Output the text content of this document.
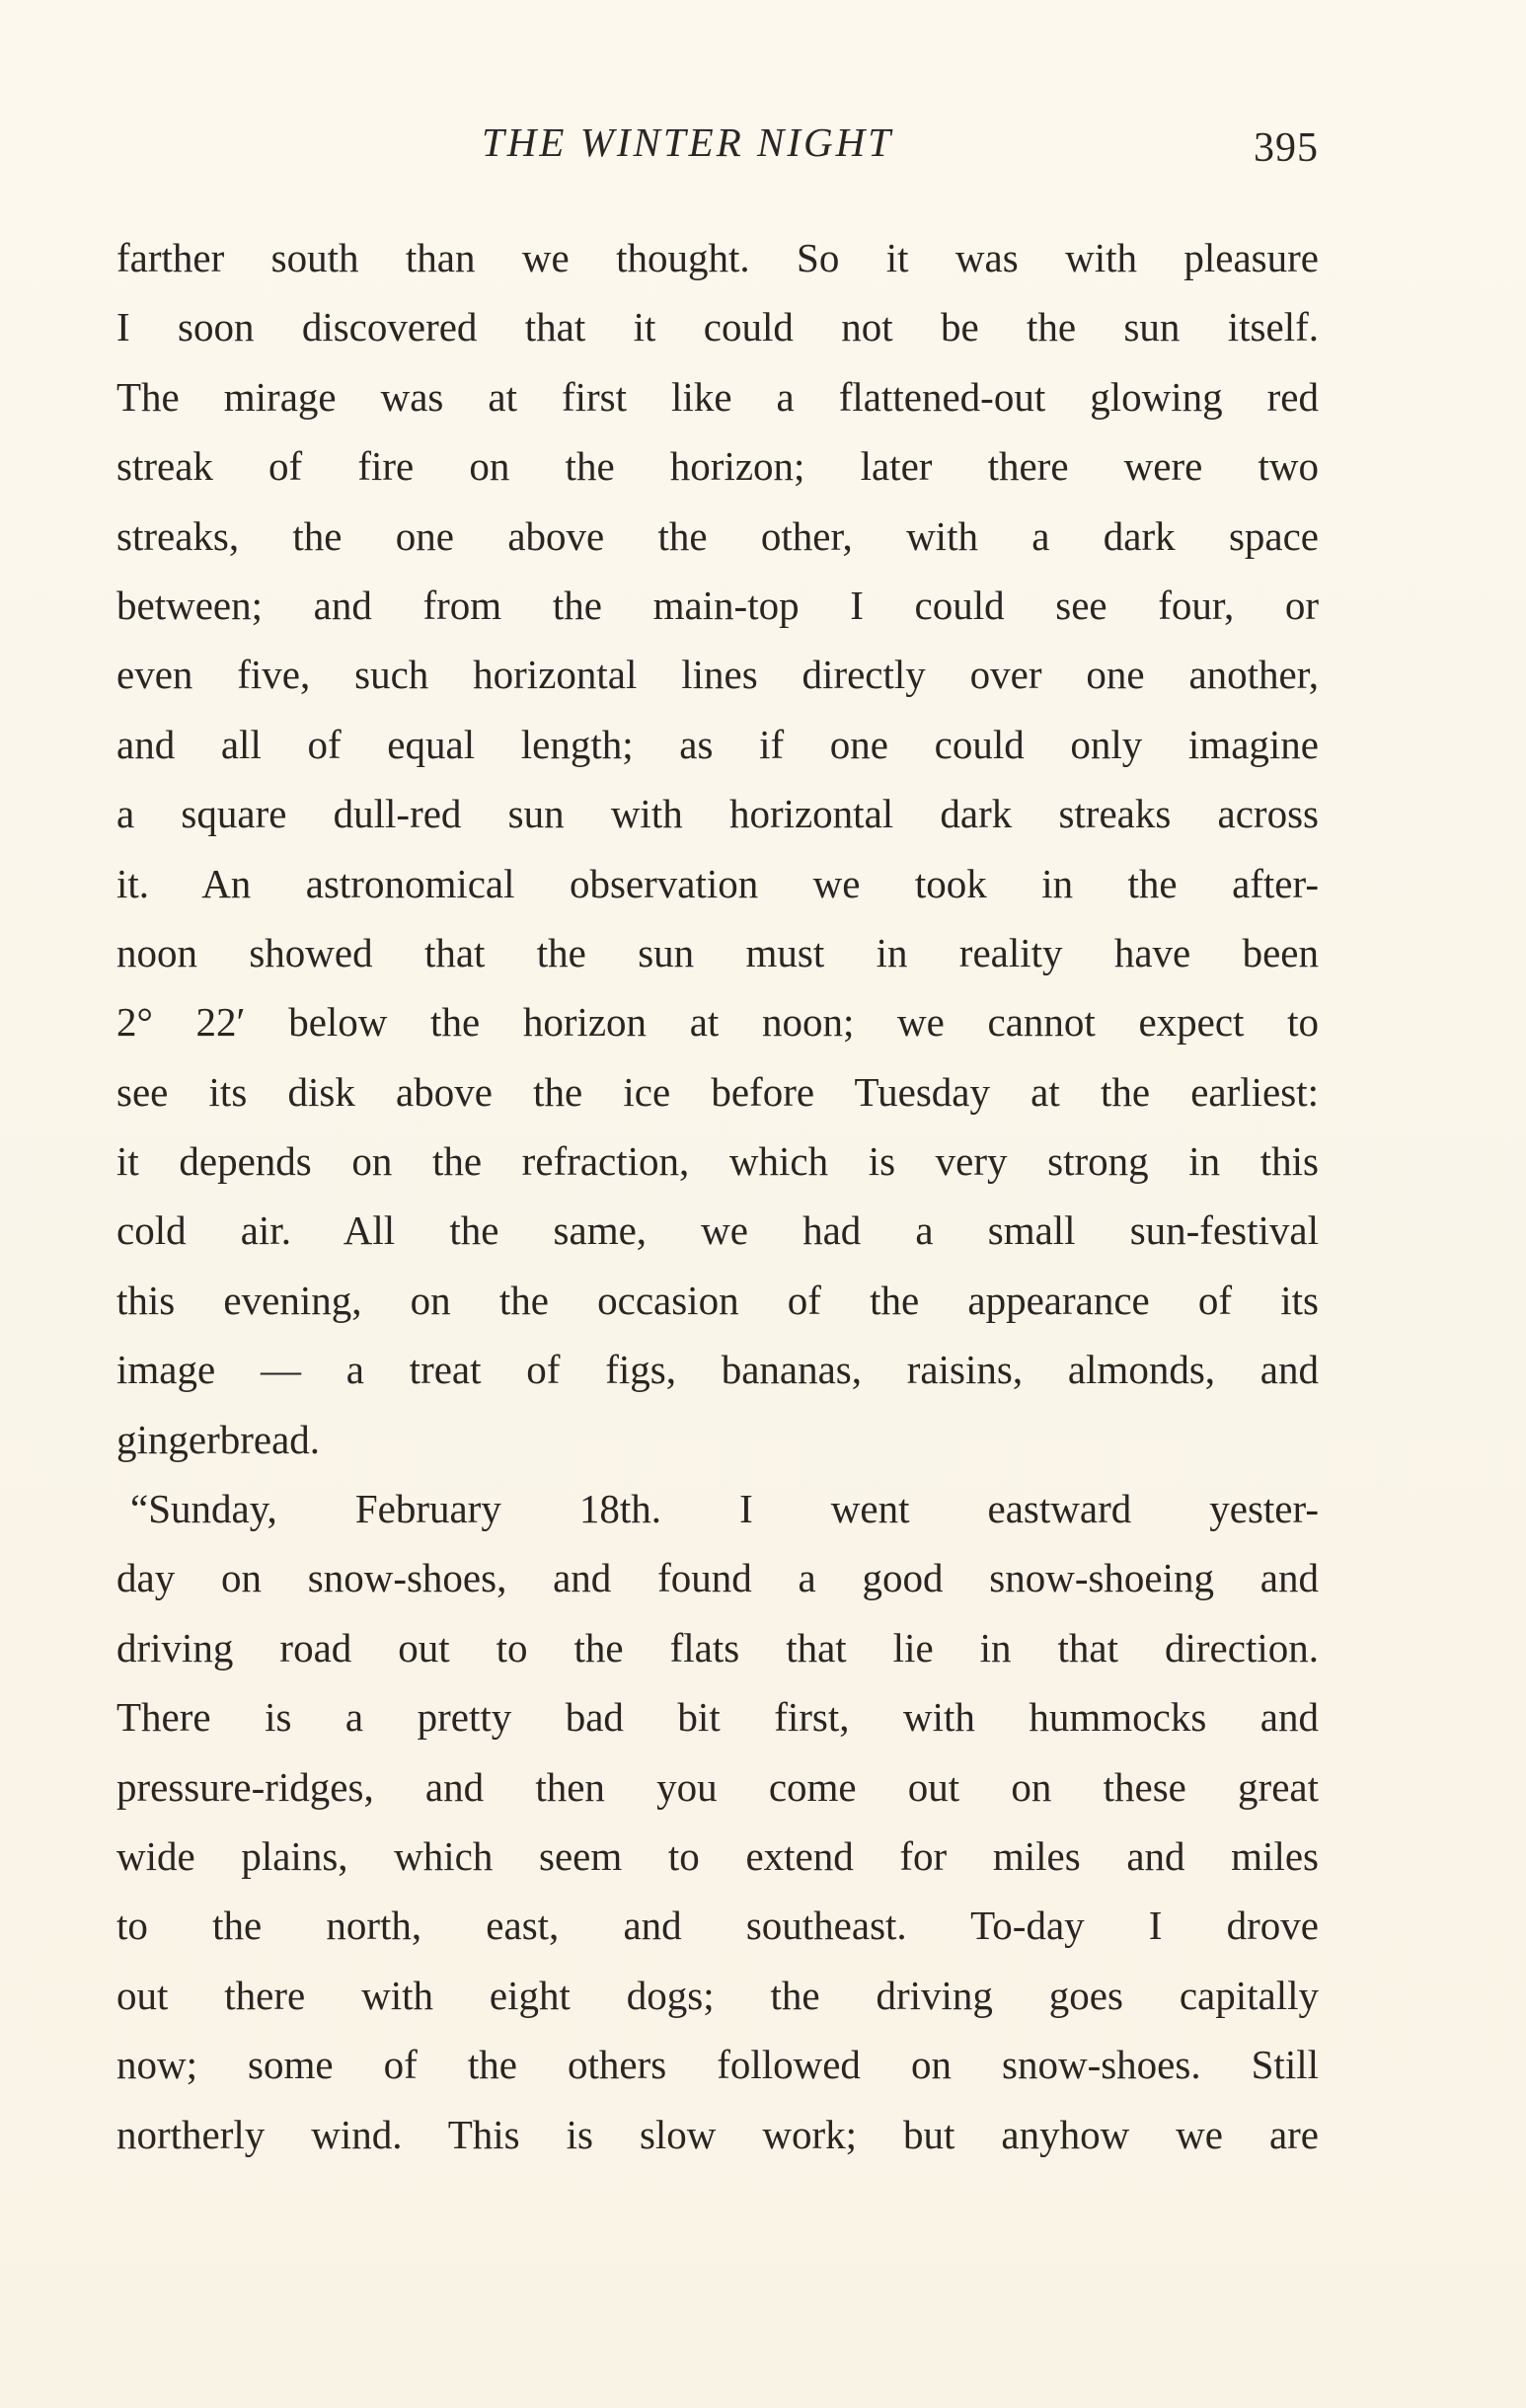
THE WINTER NIGHT	395
farther south than we thought. So it was with pleasure
I soon discovered that it could not be the sun itself.
The mirage was at first like a flattened-out glowing red
streak of fire on the horizon; later there were two
streaks, the one above the other, with a dark space
between; and from the main-top I could see four, or
even five, such horizontal lines directly over one another,
and all of equal length; as if one could only imagine
a square dull-red sun with horizontal dark streaks across
it. An astronomical observation we took in the after-
noon showed that the sun must in reality have been
2° 22′ below the horizon at noon; we cannot expect to
see its disk above the ice before Tuesday at the earliest:
it depends on the refraction, which is very strong in this
cold air. All the same, we had a small sun-festival
this evening, on the occasion of the appearance of its
image — a treat of figs, bananas, raisins, almonds, and
gingerbread.
“Sunday, February 18th. I went eastward yester-
day on snow-shoes, and found a good snow-shoeing and
driving road out to the flats that lie in that direction.
There is a pretty bad bit first, with hummocks and
pressure-ridges, and then you come out on these great
wide plains, which seem to extend for miles and miles
to the north, east, and southeast. To-day I drove
out there with eight dogs; the driving goes capitally
now; some of the others followed on snow-shoes. Still
northerly wind. This is slow work; but anyhow we are
